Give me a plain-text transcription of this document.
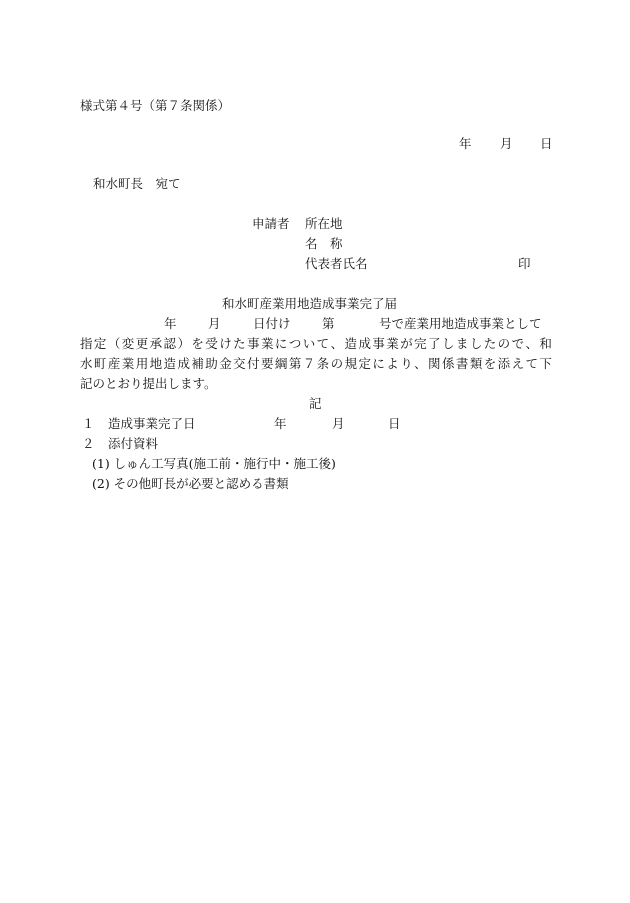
様式第４号（第７条関係）
年 月 日
和水町長　宛て
申請者 所在地
名　称
代表者氏名	印
和水町産業用地造成事業完了届
年	月	日付け	第	号で産業用地造成事業として
指 定 （ 変 更 承 認 ） を 受 け た 事 業 に つ い て 、 造 成 事 業 が 完 了 し ま し た の で 、 和
水 町 産 業 用 地 造 成 補 助 金 交 付 要 綱 第 ７ 条 の 規 定 に よ り 、 関 係 書 類 を 添 え て 下
記のとおり提出します。
記
１ 造成事業完了日	年	月	日
２ 添付資料
(1) しゅん工写真(施工前・施行中・施工後)
(2) その他町長が必要と認める書類
